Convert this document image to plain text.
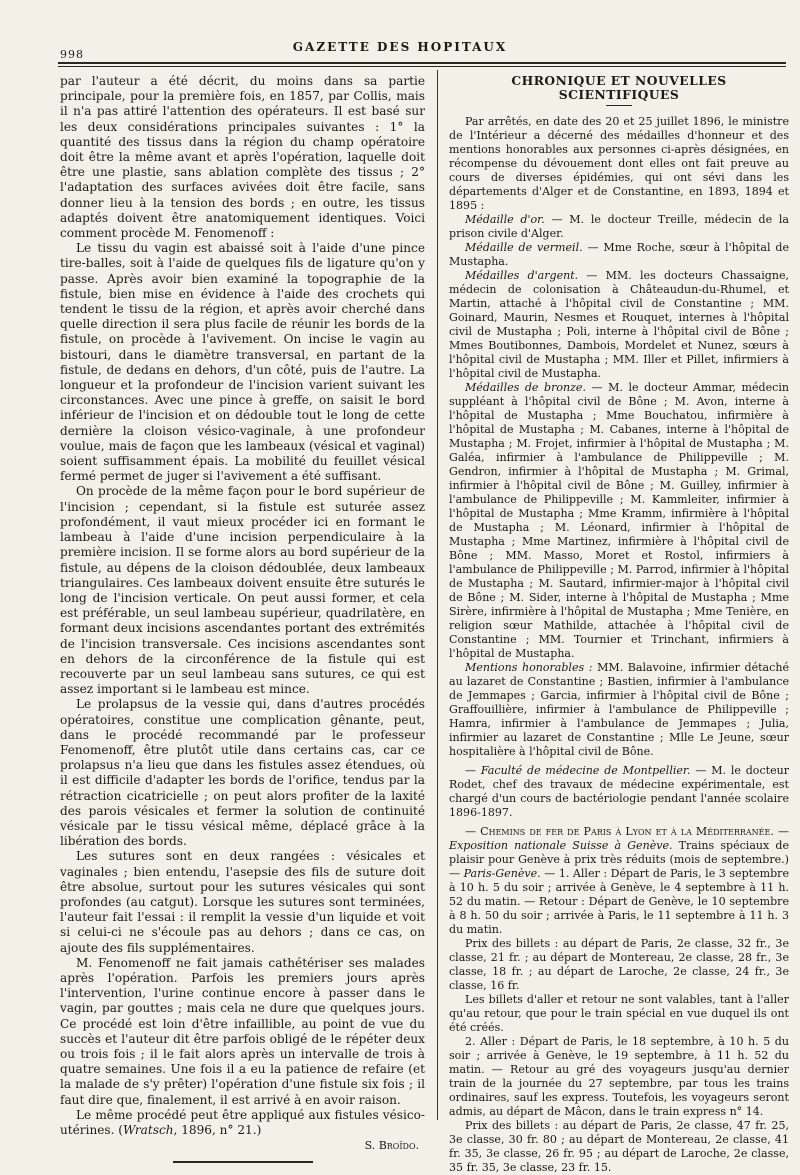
998
GAZETTE DES HOPITAUX

par l'auteur a été décrit, du moins dans sa partie principale, pour la première fois, en 1857, par Collis, mais il n'a pas attiré l'attention des opérateurs. Il est basé sur les deux considérations principales suivantes : 1° la quantité des tissus dans la région du champ opératoire doit être la même avant et après l'opération, laquelle doit être une plastie, sans ablation complète des tissus ; 2° l'adaptation des surfaces avivées doit être facile, sans donner lieu à la tension des bords ; en outre, les tissus adaptés doivent être anatomiquement identiques. Voici comment procède M. Fenomenoff :

Le tissu du vagin est abaissé soit à l'aide d'une pince tire-balles, soit à l'aide de quelques fils de ligature qu'on y passe. Après avoir bien examiné la topographie de la fistule, bien mise en évidence à l'aide des crochets qui tendent le tissu de la région, et après avoir cherché dans quelle direction il sera plus facile de réunir les bords de la fistule, on procède à l'avivement. On incise le vagin au bistouri, dans le diamètre transversal, en partant de la fistule, de dedans en dehors, d'un côté, puis de l'autre. La longueur et la profondeur de l'incision varient suivant les circonstances. Avec une pince à greffe, on saisit le bord inférieur de l'incision et on dédouble tout le long de cette dernière la cloison vésico-vaginale, à une profondeur voulue, mais de façon que les lambeaux (vésical et vaginal) soient suffisamment épais. La mobilité du feuillet vésical fermé permet de juger si l'avivement a été suffisant.

On procède de la même façon pour le bord supérieur de l'incision ; cependant, si la fistule est suturée assez profondément, il vaut mieux procéder ici en formant le lambeau à l'aide d'une incision perpendiculaire à la première incision. Il se forme alors au bord supérieur de la fistule, au dépens de la cloison dédoublée, deux lambeaux triangulaires. Ces lambeaux doivent ensuite être suturés le long de l'incision verticale. On peut aussi former, et cela est préférable, un seul lambeau supérieur, quadrilatère, en formant deux incisions ascendantes portant des extrémités de l'incision transversale. Ces incisions ascendantes sont en dehors de la circonférence de la fistule qui est recouverte par un seul lambeau sans sutures, ce qui est assez important si le lambeau est mince.

Le prolapsus de la vessie qui, dans d'autres procédés opératoires, constitue une complication gênante, peut, dans le procédé recommandé par le professeur Fenomenoff, être plutôt utile dans certains cas, car ce prolapsus n'a lieu que dans les fistules assez étendues, où il est difficile d'adapter les bords de l'orifice, tendus par la rétraction cicatricielle ; on peut alors profiter de la laxité des parois vésicales et fermer la solution de continuité vésicale par le tissu vésical même, déplacé grâce à la libération des bords.

Les sutures sont en deux rangées : vésicales et vaginales ; bien entendu, l'asepsie des fils de suture doit être absolue, surtout pour les sutures vésicales qui sont profondes (au catgut). Lorsque les sutures sont terminées, l'auteur fait l'essai : il remplit la vessie d'un liquide et voit si celui-ci ne s'écoule pas au dehors ; dans ce cas, on ajoute des fils supplémentaires.

M. Fenomenoff ne fait jamais cathétériser ses malades après l'opération. Parfois les premiers jours après l'intervention, l'urine continue encore à passer dans le vagin, par gouttes ; mais cela ne dure que quelques jours. Ce procédé est loin d'être infaillible, au point de vue du succès et l'auteur dit être parfois obligé de le répéter deux ou trois fois ; il le fait alors après un intervalle de trois à quatre semaines. Une fois il a eu la patience de refaire (et la malade de s'y prêter) l'opération d'une fistule six fois ; il faut dire que, finalement, il est arrivé à en avoir raison.

Le même procédé peut être appliqué aux fistules vésico-utérines. (Wratsch, 1896, n° 21.)

S. Broïdo.
CHRONIQUE ET NOUVELLES SCIENTIFIQUES

Par arrêtés, en date des 20 et 25 juillet 1896, le ministre de l'Intérieur a décerné des médailles d'honneur et des mentions honorables aux personnes ci-après désignées, en récompense du dévouement dont elles ont fait preuve au cours de diverses épidémies, qui ont sévi dans les départements d'Alger et de Constantine, en 1893, 1894 et 1895 :

Médaille d'or. — M. le docteur Treille, médecin de la prison civile d'Alger.

Médaille de vermeil. — Mme Roche, sœur à l'hôpital de Mustapha.

Médailles d'argent. — MM. les docteurs Chassaigne, médecin de colonisation à Châteaudun-du-Rhumel, et Martin, attaché à l'hôpital civil de Constantine ; MM. Goinard, Maurin, Nesmes et Rouquet, internes à l'hôpital civil de Mustapha ; Poli, interne à l'hôpital civil de Bône ; Mmes Boutibonnes, Dambois, Mordelet et Nunez, sœurs à l'hôpital civil de Mustapha ; MM. Iller et Pillet, infirmiers à l'hôpital civil de Mustapha.

Médailles de bronze. — M. le docteur Ammar, médecin suppléant à l'hôpital civil de Bône ; M. Avon, interne à l'hôpital de Mustapha ; Mme Bouchatou, infirmière à l'hôpital de Mustapha ; M. Cabanes, interne à l'hôpital de Mustapha ; M. Frojet, infirmier à l'hôpital de Mustapha ; M. Galéa, infirmier à l'ambulance de Philippeville ; M. Gendron, infirmier à l'hôpital de Mustapha ; M. Grimal, infirmier à l'hôpital civil de Bône ; M. Guilley, infirmier à l'ambulance de Philippeville ; M. Kammleiter, infirmier à l'hôpital de Mustapha ; Mme Kramm, infirmière à l'hôpital de Mustapha ; M. Léonard, infirmier à l'hôpital de Mustapha ; Mme Martinez, infirmière à l'hôpital civil de Bône ; MM. Masso, Moret et Rostol, infirmiers à l'ambulance de Philippeville ; M. Parrod, infirmier à l'hôpital de Mustapha ; M. Sautard, infirmier-major à l'hôpital civil de Bône ; M. Sider, interne à l'hôpital de Mustapha ; Mme Sirère, infirmière à l'hôpital de Mustapha ; Mme Tenière, en religion sœur Mathilde, attachée à l'hôpital civil de Constantine ; MM. Tournier et Trinchant, infirmiers à l'hôpital de Mustapha.

Mentions honorables : MM. Balavoine, infirmier détaché au lazaret de Constantine ; Bastien, infirmier à l'ambulance de Jemmapes ; Garcia, infirmier à l'hôpital civil de Bône ; Graffouillière, infirmier à l'ambulance de Philippeville ; Hamra, infirmier à l'ambulance de Jemmapes ; Julia, infirmier au lazaret de Constantine ; Mlle Le Jeune, sœur hospitalière à l'hôpital civil de Bône.

— Faculté de médecine de Montpellier. — M. le docteur Rodet, chef des travaux de médecine expérimentale, est chargé d'un cours de bactériologie pendant l'année scolaire 1896-1897.

— Chemins de fer de Paris à Lyon et à la Méditerranée. — Exposition nationale Suisse à Genève. Trains spéciaux de plaisir pour Genève à prix très réduits (mois de septembre.) — Paris-Genève. — 1. Aller : Départ de Paris, le 3 septembre à 10 h. 5 du soir ; arrivée à Genève, le 4 septembre à 11 h. 52 du matin. — Retour : Départ de Genève, le 10 septembre à 8 h. 50 du soir ; arrivée à Paris, le 11 septembre à 11 h. 3 du matin.

Prix des billets : au départ de Paris, 2e classe, 32 fr., 3e classe, 21 fr. ; au départ de Montereau, 2e classe, 28 fr., 3e classe, 18 fr. ; au départ de Laroche, 2e classe, 24 fr., 3e classe, 16 fr.

Les billets d'aller et retour ne sont valables, tant à l'aller qu'au retour, que pour le train spécial en vue duquel ils ont été créés.

2. Aller : Départ de Paris, le 18 septembre, à 10 h. 5 du soir ; arrivée à Genève, le 19 septembre, à 11 h. 52 du matin. — Retour au gré des voyageurs jusqu'au dernier train de la journée du 27 septembre, par tous les trains ordinaires, sauf les express. Toutefois, les voyageurs seront admis, au départ de Mâcon, dans le train express n° 14.

Prix des billets : au départ de Paris, 2e classe, 47 fr. 25, 3e classe, 30 fr. 80 ; au départ de Montereau, 2e classe, 41 fr. 35, 3e classe, 26 fr. 95 ; au départ de Laroche, 2e classe, 35 fr. 35, 3e classe, 23 fr. 15.
